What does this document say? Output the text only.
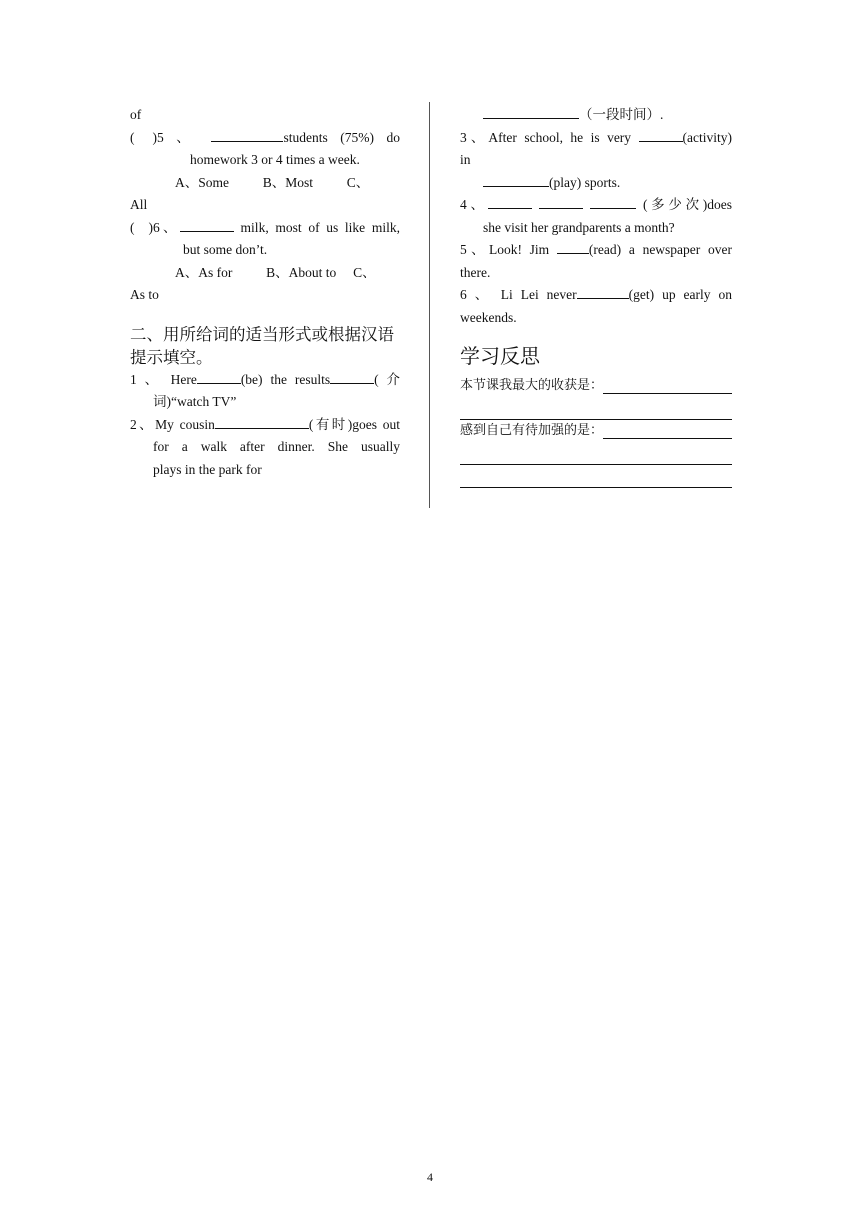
of
( )5 、	students (75%) do
homework 3 or 4 times a week.
A、Some          B、Most          C、
All
( )6、	milk, most of us like milk,
but some don’t.
A、As for          B、About to     C、
As to
二、用所给词的适当形式或根据汉语
提示填空。
1 、 Here	(be) the results	( 介
词)“watch TV”
2、My cousin	(有时)goes out
for a walk after dinner. She usually
plays in the park for
（一段时间）.
3、After school, he is very	(activity)
in
(play) sports.
4、	(多少次)does
she visit her grandparents a month?
5、Look! Jim	(read) a newspaper over
there.
6 、 Li Lei never	(get) up early on
weekends.
学习反思
本节课我最大的收获是：
感到自己有待加强的是：
4
